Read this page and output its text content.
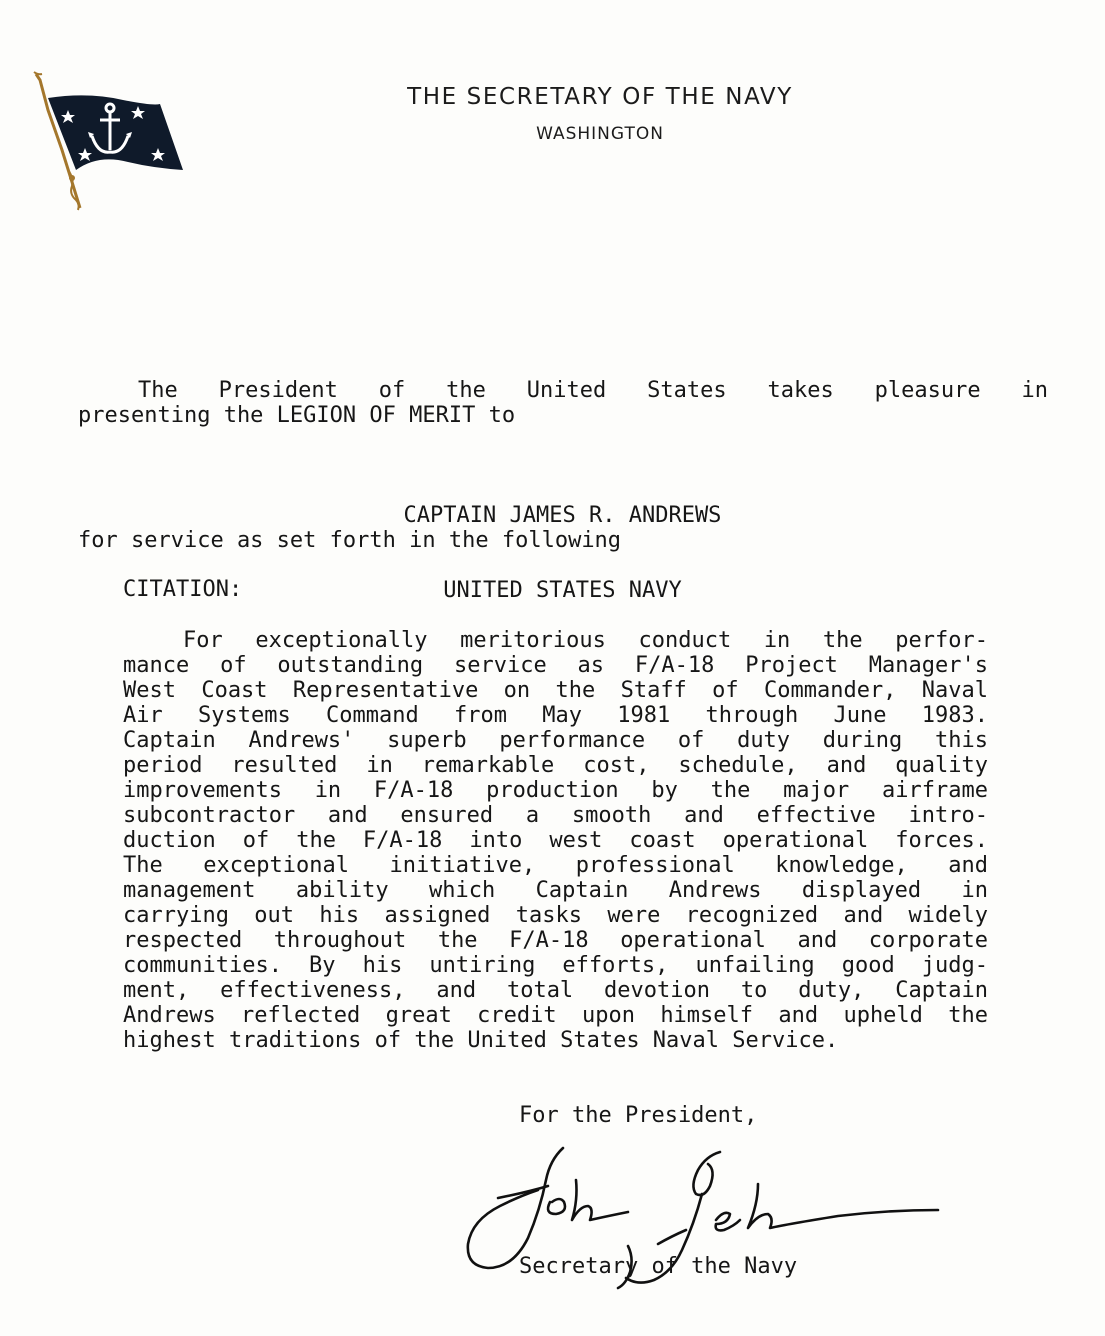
THE SECRETARY OF THE NAVY
WASHINGTON
The President of the United States takes pleasure in
presenting the LEGION OF MERIT to

CAPTAIN JAMES R. ANDREWS

UNITED STATES NAVY

for service as set forth in the following
CITATION:
For exceptionally meritorious conduct in the perfor-
mance of outstanding service as F/A-18 Project Manager's
West Coast Representative on the Staff of Commander, Naval
Air Systems Command from May 1981 through June 1983.
Captain Andrews' superb performance of duty during this
period resulted in remarkable cost, schedule, and quality
improvements in F/A-18 production by the major airframe
subcontractor and ensured a smooth and effective intro-
duction of the F/A-18 into west coast operational forces.
The exceptional initiative, professional knowledge, and
management ability which Captain Andrews displayed in
carrying out his assigned tasks were recognized and widely
respected throughout the F/A-18 operational and corporate
communities. By his untiring efforts, unfailing good judg-
ment, effectiveness, and total devotion to duty, Captain
Andrews reflected great credit upon himself and upheld the
highest traditions of the United States Naval Service.
For the President,
Secretary of the Navy
